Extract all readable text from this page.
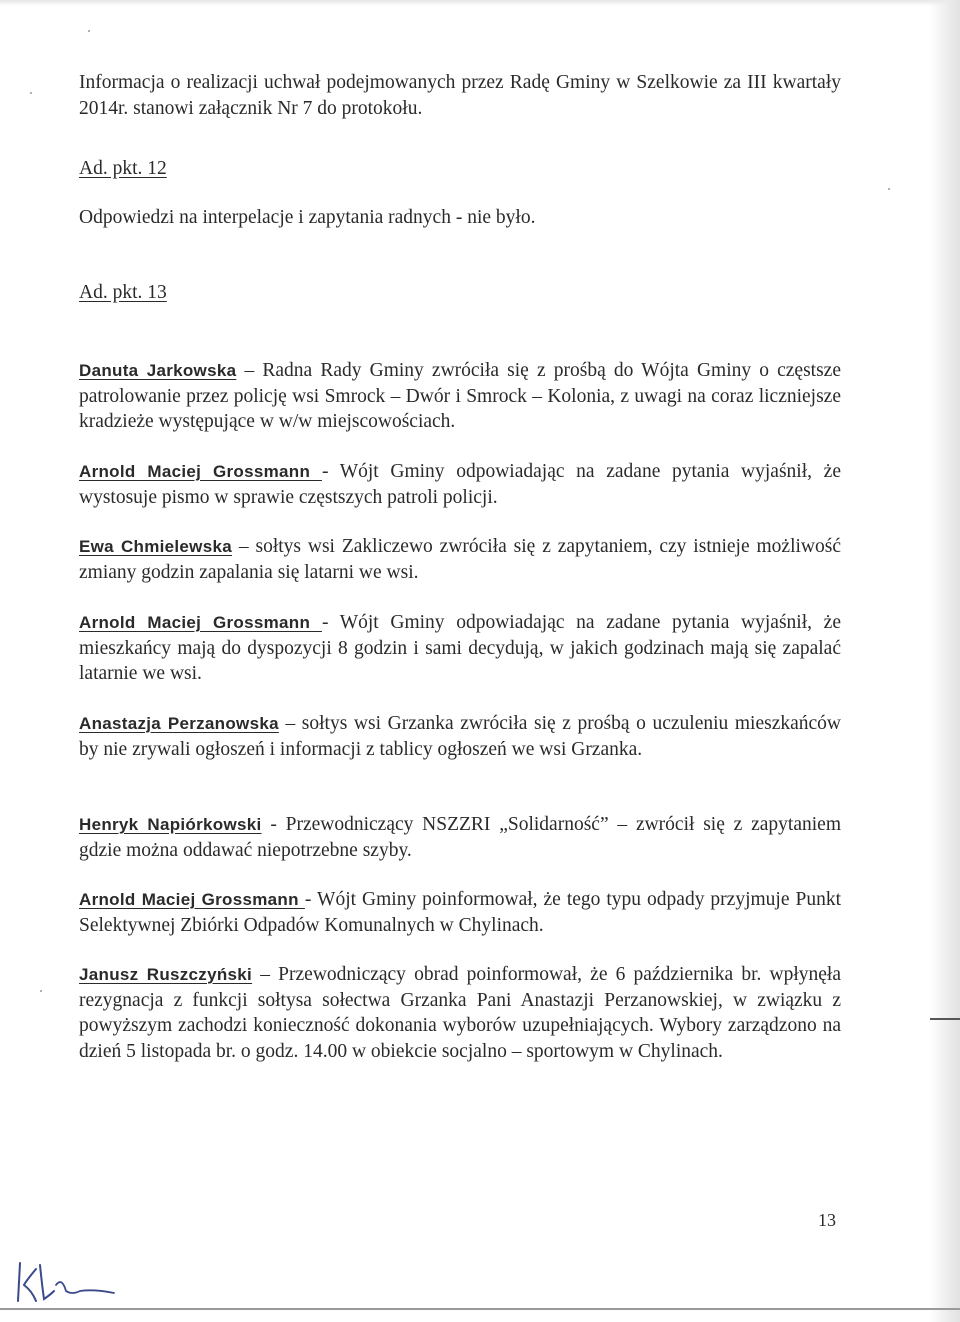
Informacja o realizacji uchwał podejmowanych przez Radę Gminy w Szelkowie za III kwartały 2014r. stanowi załącznik Nr 7 do protokołu.

Ad. pkt. 12

Odpowiedzi na interpelacje i zapytania radnych - nie było.

Ad. pkt. 13

Danuta Jarkowska – Radna Rady Gminy zwróciła się z prośbą do Wójta Gminy o częstsze patrolowanie przez policję wsi Smrock – Dwór i Smrock – Kolonia, z uwagi na coraz liczniejsze kradzieże występujące w w/w miejscowościach.

Arnold Maciej Grossmann - Wójt Gminy odpowiadając na zadane pytania wyjaśnił, że wystosuje pismo w sprawie częstszych patroli policji.

Ewa Chmielewska – sołtys wsi Zakliczewo zwróciła się z zapytaniem, czy istnieje możliwość zmiany godzin zapalania się latarni we wsi.

Arnold Maciej Grossmann - Wójt Gminy odpowiadając na zadane pytania wyjaśnił, że mieszkańcy mają do dyspozycji 8 godzin i sami decydują, w jakich godzinach mają się zapalać latarnie we wsi.

Anastazja Perzanowska – sołtys wsi Grzanka zwróciła się z prośbą o uczuleniu mieszkańców by nie zrywali ogłoszeń i informacji z tablicy ogłoszeń we wsi Grzanka.

Henryk Napiórkowski - Przewodniczący NSZZRI „Solidarność” – zwrócił się z zapytaniem gdzie można oddawać niepotrzebne szyby.

Arnold Maciej Grossmann - Wójt Gminy poinformował, że tego typu odpady przyjmuje Punkt Selektywnej Zbiórki Odpadów Komunalnych w Chylinach.

Janusz Ruszczyński – Przewodniczący obrad poinformował, że 6 października br. wpłynęła rezygnacja z funkcji sołtysa sołectwa Grzanka Pani Anastazji Perzanowskiej, w związku z powyższym zachodzi konieczność dokonania wyborów uzupełniających. Wybory zarządzono na dzień 5 listopada br. o godz. 14.00 w obiekcie socjalno – sportowym w Chylinach.

13
